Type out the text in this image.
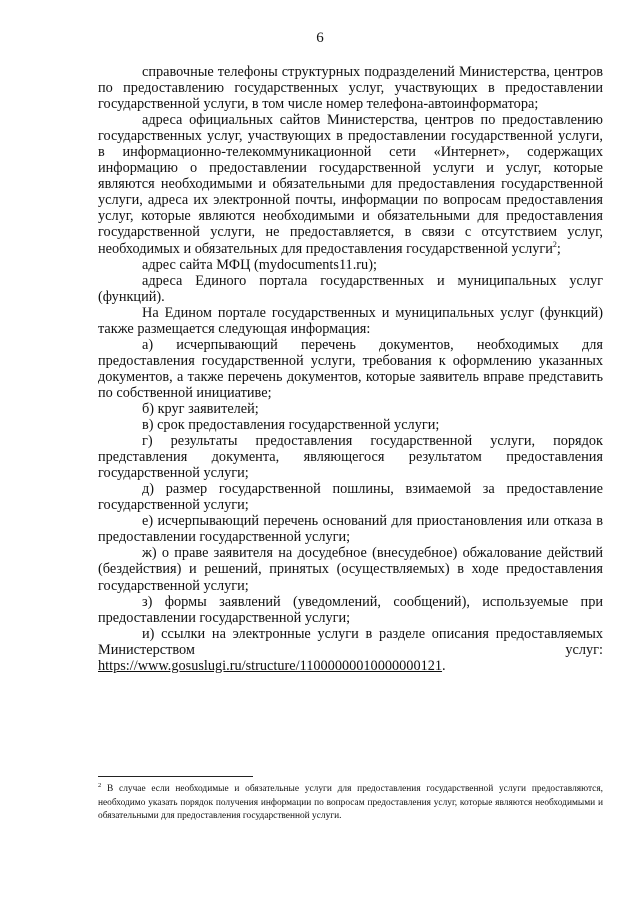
6

справочные телефоны структурных подразделений Министерства, центров по предоставлению государственных услуг, участвующих в предоставлении государственной услуги, в том числе номер телефона-автоинформатора;

адреса официальных сайтов Министерства, центров по предоставлению государственных услуг, участвующих в предоставлении государственной услуги, в информационно-телекоммуникационной сети «Интернет», содержащих информацию о предоставлении государственной услуги и услуг, которые являются необходимыми и обязательными для предоставления государственной услуги, адреса их электронной почты, информации по вопросам предоставления услуг, которые являются необходимыми и обязательными для предоставления государственной услуги, не предоставляется, в связи с отсутствием услуг, необходимых и обязательных для предоставления государственной услуги$^2$;

адрес сайта МФЦ (mydocuments11.ru);

адреса Единого портала государственных и муниципальных услуг (функций).

На Едином портале государственных и муниципальных услуг (функций) также размещается следующая информация:

а) исчерпывающий перечень документов, необходимых для предоставления государственной услуги, требования к оформлению указанных документов, а также перечень документов, которые заявитель вправе представить по собственной инициативе;

б) круг заявителей;

в) срок предоставления государственной услуги;

г) результаты предоставления государственной услуги, порядок представления документа, являющегося результатом предоставления государственной услуги;

д) размер государственной пошлины, взимаемой за предоставление государственной услуги;

е) исчерпывающий перечень оснований для приостановления или отказа в предоставлении государственной услуги;

ж) о праве заявителя на досудебное (внесудебное) обжалование действий (бездействия) и решений, принятых (осуществляемых) в ходе предоставления государственной услуги;

з) формы заявлений (уведомлений, сообщений), используемые при предоставлении государственной услуги;

и) ссылки на электронные услуги в разделе описания предоставляемых Министерством услуг:

https://www.gosuslugi.ru/structure/11000000010000000121.

$^2$ В случае если необходимые и обязательные услуги для предоставления государственной услуги предоставляются, необходимо указать порядок получения информации по вопросам предоставления услуг, которые являются необходимыми и обязательными для предоставления государственной услуги.
